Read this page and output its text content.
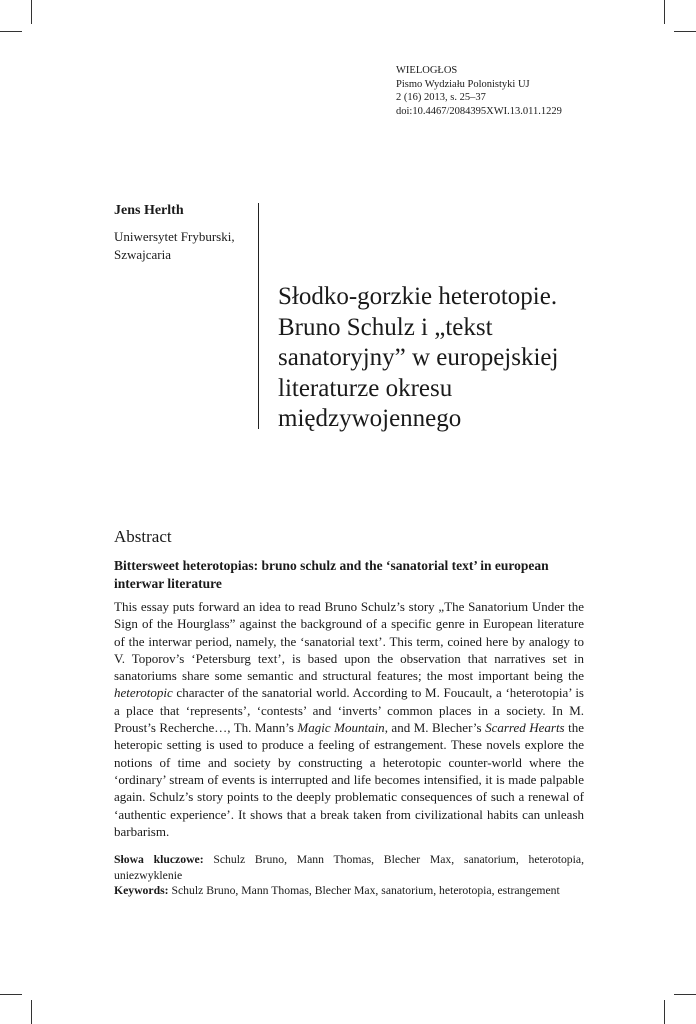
WIELOGŁOS
Pismo Wydziału Polonistyki UJ
2 (16) 2013, s. 25–37
doi:10.4467/2084395XWI.13.011.1229
Jens Herlth
Uniwersytet Fryburski,
Szwajcaria
Słodko-gorzkie heterotopie.
Bruno Schulz i „tekst
sanatoryjny” w europejskiej
literaturze okresu
międzywojennego
Abstract
Bittersweet heterotopias: bruno schulz and the ‘sanatorial text’ in european interwar literature
This essay puts forward an idea to read Bruno Schulz’s story „The Sanatorium Under the Sign of the Hourglass” against the background of a specific genre in European literature of the interwar period, namely, the ‘sanatorial text’. This term, coined here by analogy to V. Toporov’s ‘Petersburg text’, is based upon the observation that narratives set in sanatoriums share some semantic and structural features; the most important being the heterotopic character of the sanatorial world. According to M. Foucault, a ‘heterotopia’ is a place that ‘represents’, ‘contests’ and ‘inverts’ common places in a society. In M. Proust’s Recherche…, Th. Mann’s Magic Mountain, and M. Blecher’s Scarred Hearts the heteropic setting is used to produce a feeling of estrangement. These novels explore the notions of time and society by constructing a heterotopic counter-world where the ‘ordinary’ stream of events is interrupted and life becomes intensified, it is made palpable again. Schulz’s story points to the deeply problematic consequences of such a renewal of ‘authentic experience’. It shows that a break taken from civilizational habits can unleash barbarism.
Słowa kluczowe: Schulz Bruno, Mann Thomas, Blecher Max, sanatorium, heterotopia, uniezwyklenie
Keywords: Schulz Bruno, Mann Thomas, Blecher Max, sanatorium, heterotopia, estrangement
